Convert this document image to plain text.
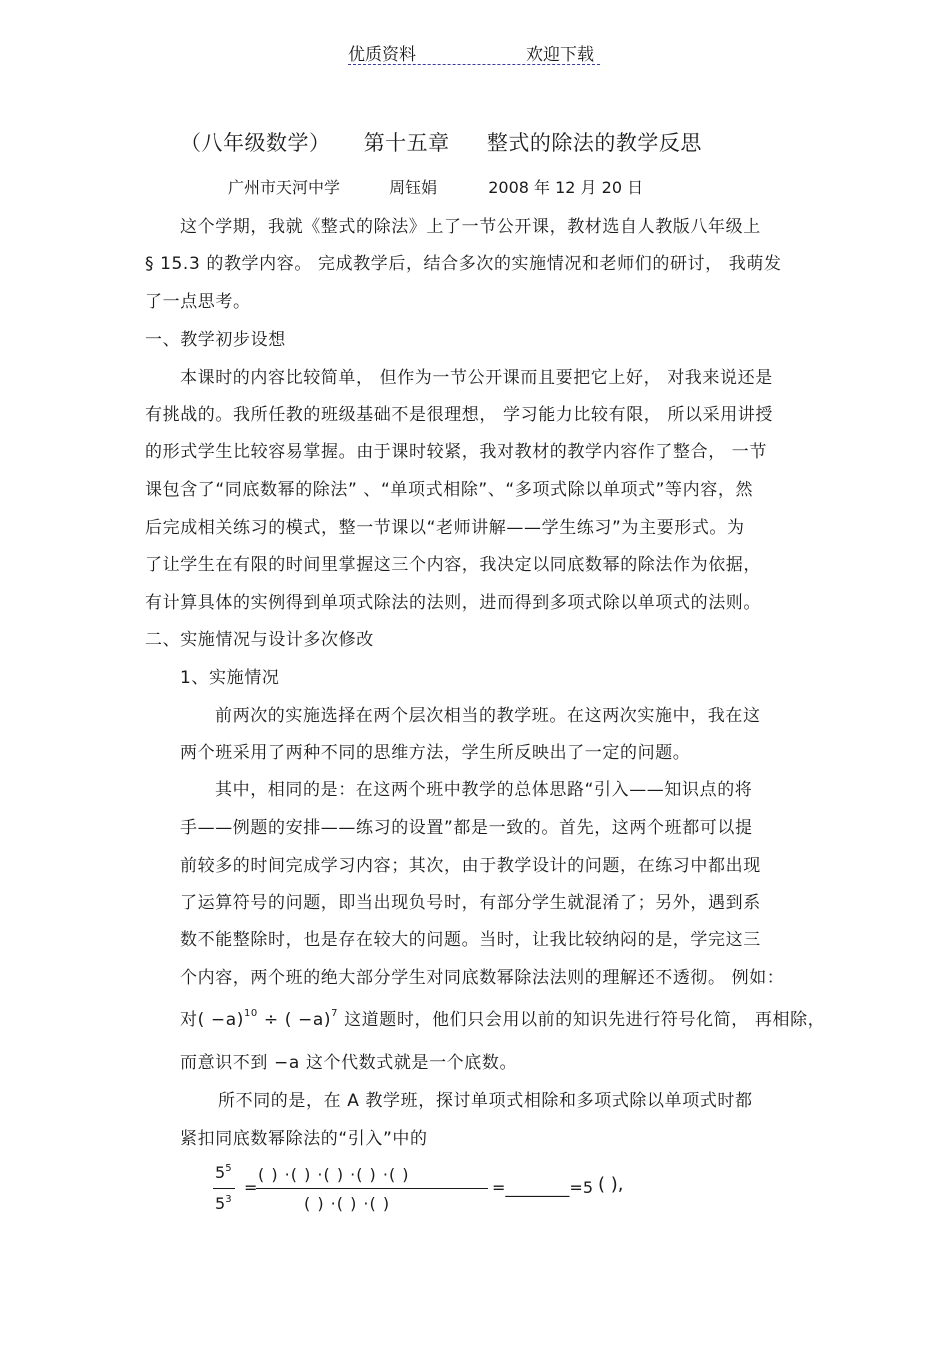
优质资料	欢迎下载
（八年级数学） 第十五章 整式的除法的教学反思
广州市天河中学	周钰娟	2008 年 12 月 20 日
这个学期，我就《整式的除法》上了一节公开课，教材选自人教版八年级上
§ 15.3 的教学内容。 完成教学后，结合多次的实施情况和老师们的研讨， 我萌发
了一点思考。
一、教学初步设想
本课时的内容比较简单， 但作为一节公开课而且要把它上好， 对我来说还是
有挑战的。我所任教的班级基础不是很理想， 学习能力比较有限， 所以采用讲授
的形式学生比较容易掌握。由于课时较紧，我对教材的教学内容作了整合， 一节
课包含了“同底数幂的除法” 、“单项式相除”、“多项式除以单项式”等内容，然
后完成相关练习的模式，整一节课以“老师讲解——学生练习”为主要形式。为
了让学生在有限的时间里掌握这三个内容，我决定以同底数幂的除法作为依据，
有计算具体的实例得到单项式除法的法则，进而得到多项式除以单项式的法则。
二、实施情况与设计多次修改
1、实施情况
前两次的实施选择在两个层次相当的教学班。在这两次实施中，我在这
两个班采用了两种不同的思维方法，学生所反映出了一定的问题。
其中，相同的是：在这两个班中教学的总体思路“引入——知识点的将
手——例题的安排——练习的设置”都是一致的。首先，这两个班都可以提
前较多的时间完成学习内容；其次，由于教学设计的问题，在练习中都出现
了运算符号的问题，即当出现负号时，有部分学生就混淆了；另外，遇到系
数不能整除时，也是存在较大的问题。当时，让我比较纳闷的是，学完这三
个内容，两个班的绝大部分学生对同底数幂除法法则的理解还不透彻。 例如：
对( −a)$^{10}$ ÷ ( −a)$^7$ 这道题时，他们只会用以前的知识先进行符号化简， 再相除，
而意识不到 −a 这个代数式就是一个底数。
所不同的是，在 A 教学班，探讨单项式相除和多项式除以单项式时都
紧扣同底数幂除法的“引入”中的
$5^5$
$5^3$
=
( ) ·( ) ·( ) ·( ) ·( )
( ) ·( ) ·( )
=________=5 ( ),
